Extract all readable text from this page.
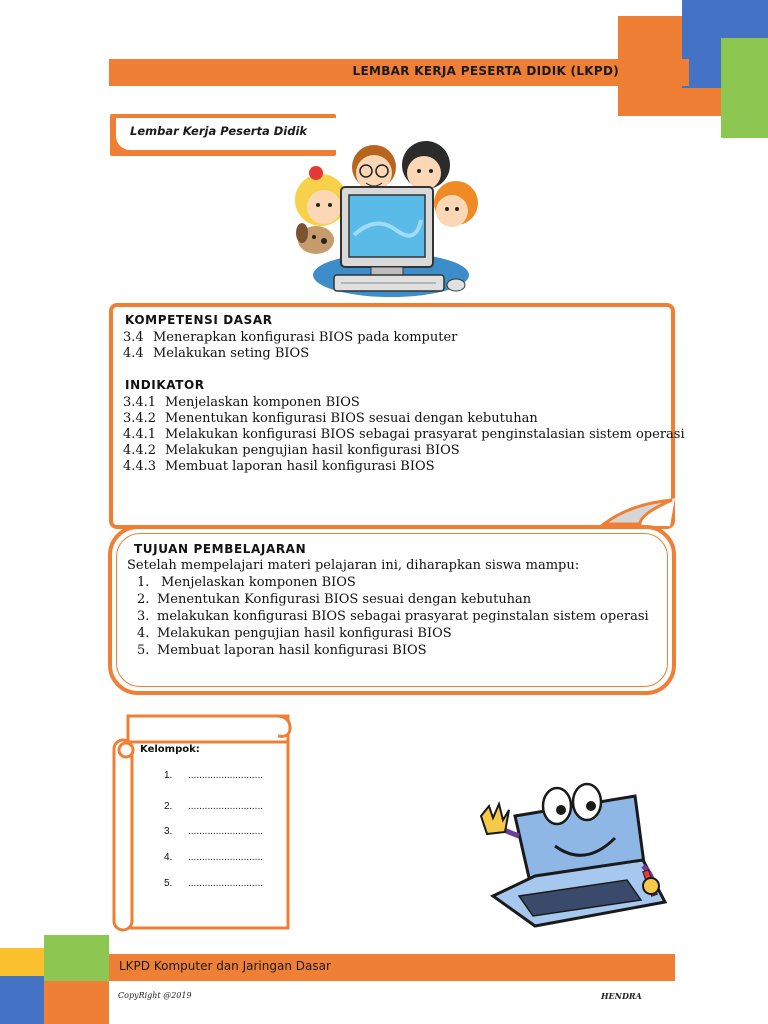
LEMBAR KERJA PESERTA DIDIK (LKPD)
Lembar Kerja Peserta Didik
KOMPETENSI DASAR
3.4 Menerapkan konfigurasi BIOS pada komputer
4.4 Melakukan seting BIOS
INDIKATOR
3.4.1 Menjelaskan komponen BIOS
3.4.2 Menentukan konfigurasi BIOS sesuai dengan kebutuhan
4.4.1 Melakukan konfigurasi BIOS sebagai prasyarat penginstalasian sistem operasi
4.4.2 Melakukan pengujian hasil konfigurasi BIOS
4.4.3 Membuat laporan hasil konfigurasi BIOS
TUJUAN PEMBELAJARAN
Setelah mempelajari materi pelajaran ini, diharapkan siswa mampu:
1. Menjelaskan komponen BIOS
2. Menentukan Konfigurasi BIOS sesuai dengan kebutuhan
3. melakukan konfigurasi BIOS sebagai prasyarat peginstalan sistem operasi
4. Melakukan pengujian hasil konfigurasi BIOS
5. Membuat laporan hasil konfigurasi BIOS
Kelompok:
1. ...........................
2. ...........................
3. ...........................
4. ...........................
5. ...........................
LKPD Komputer dan Jaringan Dasar
CopyRight @2019	HENDRA
